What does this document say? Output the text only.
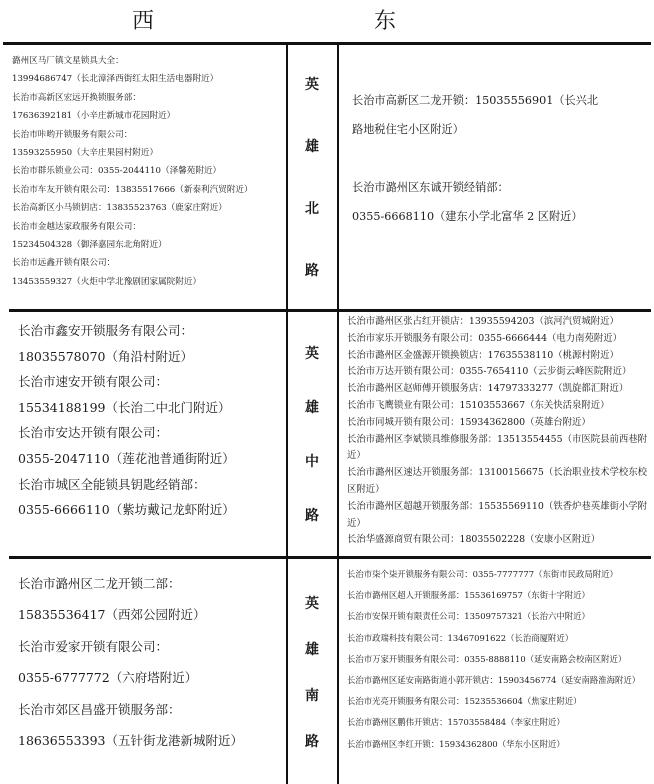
西	东

潞州区马厂镇文星锁具大全：

13994686747（长北漳泽西街红太阳生活电器附近）

长治市高新区宏远开换锁服务部：

17636392181（小辛庄新城市花园附近）

长治市咔哟开锁服务有限公司：

13593255950（大辛庄果园村附近）

长治市群乐锁业公司：0355-2044110（泽馨苑附近）

长治市车友开锁有限公司：13835517666（新泰利汽贸附近）

长治高新区小马锁钥店：13835523763（鹿家庄附近）

长治市金越达家政服务有限公司：

15234504328（御泽嘉园东北角附近）

长治市远鑫开锁有限公司：

13453559327（火炬中学北豫剧团家属院附近）

英
雄
北
路

长治市高新区二龙开锁：15035556901（长兴北

路地税住宅小区附近）

长治市潞州区东诚开锁经销部：

0355-6668110（建东小学北富华 2 区附近）

长治市鑫安开锁服务有限公司：

18035578070（角沿村附近）

长治市速安开锁有限公司：

15534188199（长治二中北门附近）

长治市安达开锁有限公司：

0355-2047110（莲花池普通街附近）

长治市城区全能锁具钥匙经销部：

0355-6666110（紫坊戴记龙虾附近）

英
雄
中
路

长治市潞州区张占红开锁店：13935594203（滨河汽贸城附近）

长治市家乐开锁服务有限公司：0355-6666444（电力南苑附近）

长治市潞州区金盛源开锁换锁店：17635538110（桃源村附近）

长治市万达开锁有限公司：0355-7654110（云步街云峰医院附近）

长治市潞州区赵师傅开锁服务店：14797333277（凯旋都汇附近）

长治市飞鹰锁业有限公司：15103553667（东关快活泉附近）

长治市同城开锁有限公司：15934362800（英雄台附近）

长治市潞州区李斌锁具维修服务部：13513554455（市医院县前西巷附近）

长治市潞州区速达开锁服务部：13100156675（长治职业技术学校东校区附近）

长治市潞州区超越开锁服务部：15535569110（铁香炉巷英雄街小学附近）

长治华盛源商贸有限公司：18035502228（安康小区附近）

长治市潞州区二龙开锁二部：

15835536417（西郊公园附近）

长治市爱家开锁有限公司：

0355-6777772（六府塔附近）

长治市郊区昌盛开锁服务部：

18636553393（五针街龙港新城附近）

英
雄
南
路

长治市柒个柒开锁服务有限公司：0355-7777777（东街市民政局附近）

长治市潞州区超人开锁服务部：15536169757（东街十字附近）

长治市安保开锁有限责任公司：13509757321（长治六中附近）

长治市政瑞科技有限公司：13467091622（长治商厦附近）

长治市万家开锁服务有限公司：0355-8888110（延安南路会校南区附近）

长治市潞州区延安南路街道小郭开锁店：15903456774（延安南路淮海附近）

长治市光亮开锁服务有限公司：15235536604（焦家庄附近）

长治市潞州区鹏伟开锁店：15703558484（李家庄附近）

长治市潞州区李红开锁：15934362800（华东小区附近）
